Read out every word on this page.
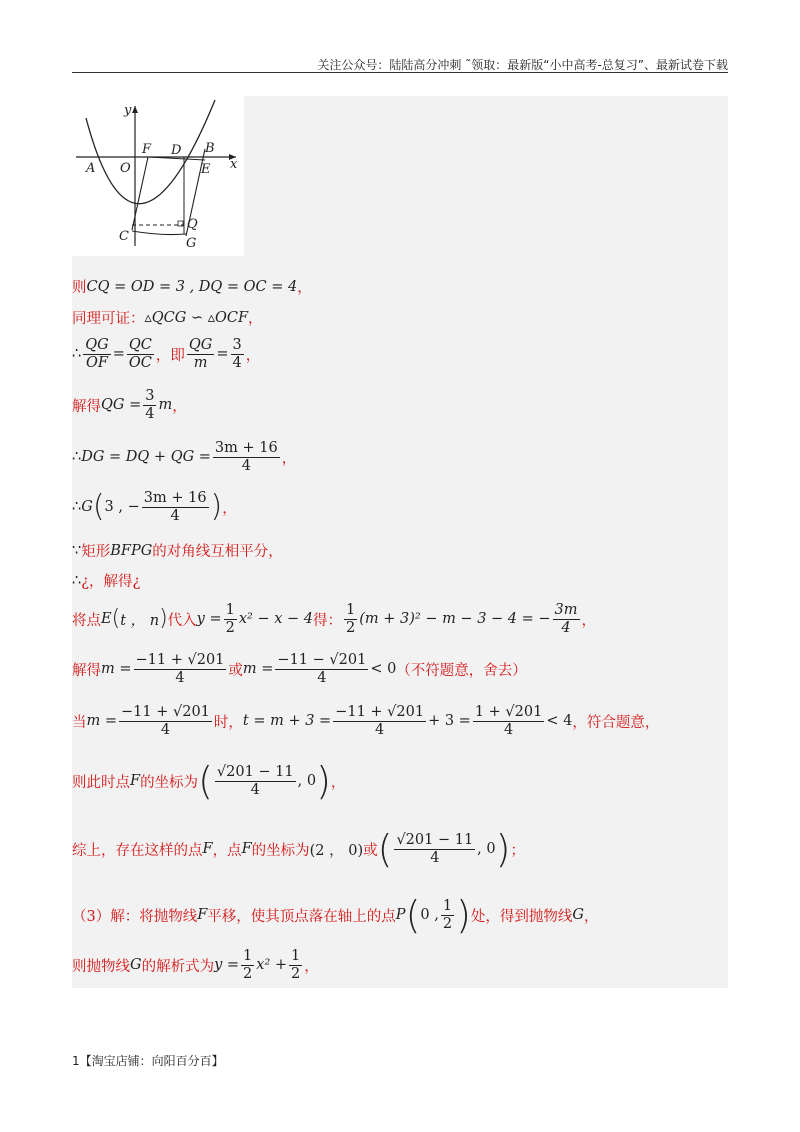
关注公众号：陆陆高分冲刺 ˜领取：最新版“小中高考-总复习”、最新试卷下载
y
x
A O
F D B
E
C
Q
G
则 CQ = OD = 3 , DQ = OC = 4 ，
同理可证： ▵QCG ∽ ▵OCF ，
∴ $\frac{QG}{OF} = \frac{QC}{OC}$ ，即 $\frac{QG}{m} = \frac{3}{4}$ ，
解得 QG = $\frac{3}{4}$ m ，
∴ DG = DQ + QG = $\frac{3m + 16}{4}$ ，
∴ G ( 3 , − $\frac{3m + 16}{4}$ ) ，
∵ 矩形 BFPG 的对角线互相平分，
∴ ¿，解得¿
将点 E ( t ， n ) 代入 $y = \frac{1}{2} x^2 - x - 4$ 得： $\frac{1}{2} (m + 3)^2 - m - 3 - 4$ = − $\frac{3m}{4}$ ，
解得 $m = \frac{-11 + √201}{4}$ 或 $m = \frac{-11 - √201}{4} < 0$ （不符题意，舍去）
当 $m = \frac{-11 + √201}{4}$ 时， $t = m + 3 = \frac{-11 + √201}{4} + 3 = \frac{1 + √201}{4} < 4$ ，符合题意，
则此时点 F 的坐标为 ( $\frac{√201 - 11}{4}$ , 0 ) ，
综上，存在这样的点 F ，点 F 的坐标为 (2 ， 0) 或 ( $\frac{√201 - 11}{4}$ , 0 ) ；
（3）解：将抛物线 F 平移，使其顶点落在轴上的点 P ( 0 , $\frac{1}{2}$ ) 处，得到抛物线 G ，
则抛物线 G 的解析式为 $y = \frac{1}{2} x^2 + \frac{1}{2}$ ，
1【淘宝店铺：向阳百分百】
